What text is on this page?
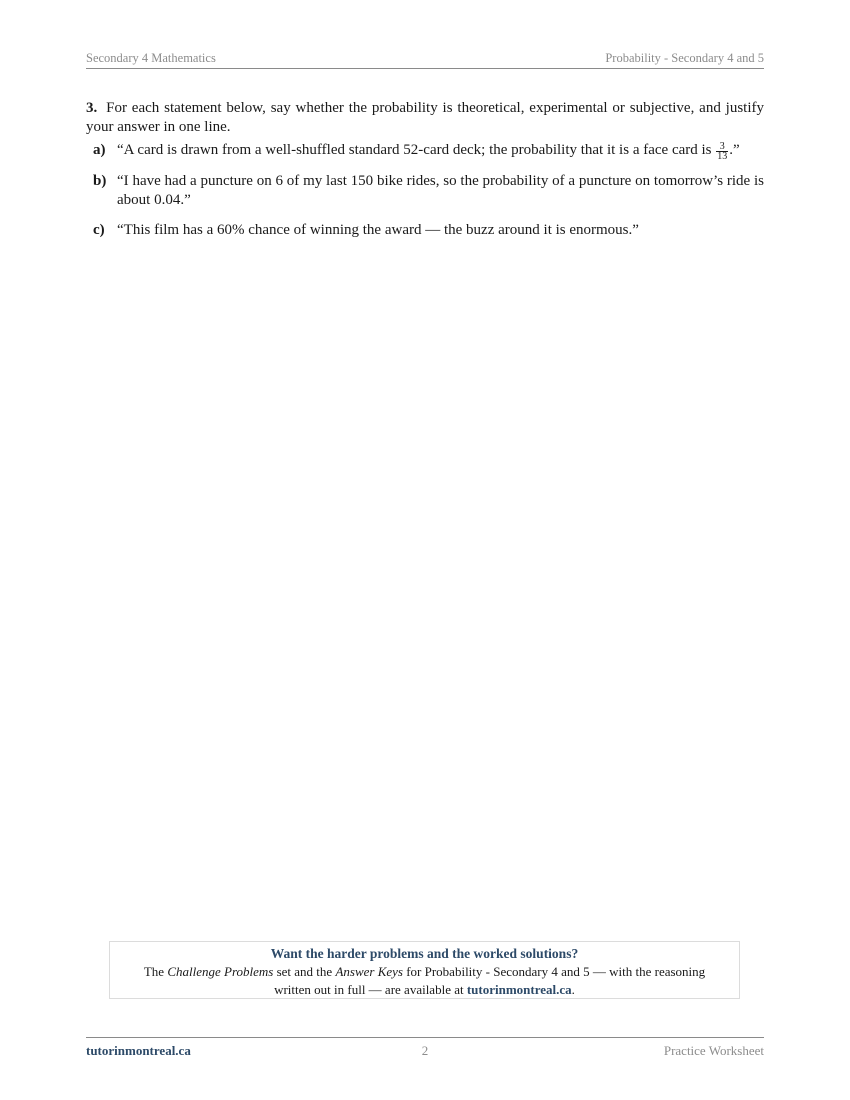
Secondary 4 Mathematics	Probability - Secondary 4 and 5

3. For each statement below, say whether the probability is theoretical, experimental or subjective, and justify your answer in one line.

a) “A card is drawn from a well-shuffled standard 52-card deck; the probability that it is a face card is $\frac{3}{13}$ .”
b) “I have had a puncture on 6 of my last 150 bike rides, so the probability of a puncture on tomorrow’s ride is about 0.04.”
c) “This film has a 60% chance of winning the award — the buzz around it is enormous.”
Want the harder problems and the worked solutions?
The Challenge Problems set and the Answer Keys for Probability - Secondary 4 and 5 — with the reasoning written out in full — are available at tutorinmontreal.ca.
tutorinmontreal.ca	2	Practice Worksheet
